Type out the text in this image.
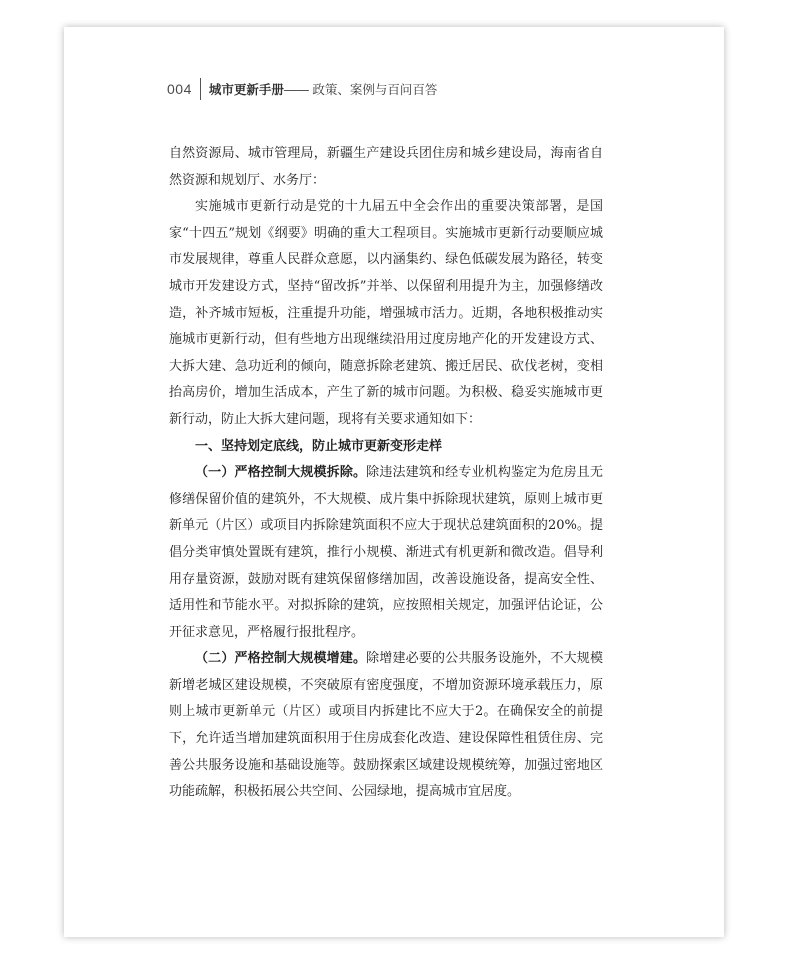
004 城市更新手册 —— 政策、案例与百问百答

自然资源局、城市管理局，新疆生产建设兵团住房和城乡建设局，海南省自然资源和规划厅、水务厅：

实施城市更新行动是党的十九届五中全会作出的重要决策部署，是国家“十四五”规划《纲要》明确的重大工程项目。实施城市更新行动要顺应城市发展规律，尊重人民群众意愿，以内涵集约、绿色低碳发展为路径，转变城市开发建设方式，坚持“留改拆”并举、以保留利用提升为主，加强修缮改造，补齐城市短板，注重提升功能，增强城市活力。近期，各地积极推动实施城市更新行动，但有些地方出现继续沿用过度房地产化的开发建设方式、大拆大建、急功近利的倾向，随意拆除老建筑、搬迁居民、砍伐老树，变相抬高房价，增加生活成本，产生了新的城市问题。为积极、稳妥实施城市更新行动，防止大拆大建问题，现将有关要求通知如下：

一、坚持划定底线，防止城市更新变形走样

（一）严格控制大规模拆除。除违法建筑和经专业机构鉴定为危房且无修缮保留价值的建筑外，不大规模、成片集中拆除现状建筑，原则上城市更新单元（片区）或项目内拆除建筑面积不应大于现状总建筑面积的20%。提倡分类审慎处置既有建筑，推行小规模、渐进式有机更新和微改造。倡导利用存量资源，鼓励对既有建筑保留修缮加固，改善设施设备，提高安全性、适用性和节能水平。对拟拆除的建筑，应按照相关规定，加强评估论证，公开征求意见，严格履行报批程序。

（二）严格控制大规模增建。除增建必要的公共服务设施外，不大规模新增老城区建设规模，不突破原有密度强度，不增加资源环境承载压力，原则上城市更新单元（片区）或项目内拆建比不应大于2。在确保安全的前提下，允许适当增加建筑面积用于住房成套化改造、建设保障性租赁住房、完善公共服务设施和基础设施等。鼓励探索区域建设规模统筹，加强过密地区功能疏解，积极拓展公共空间、公园绿地，提高城市宜居度。
